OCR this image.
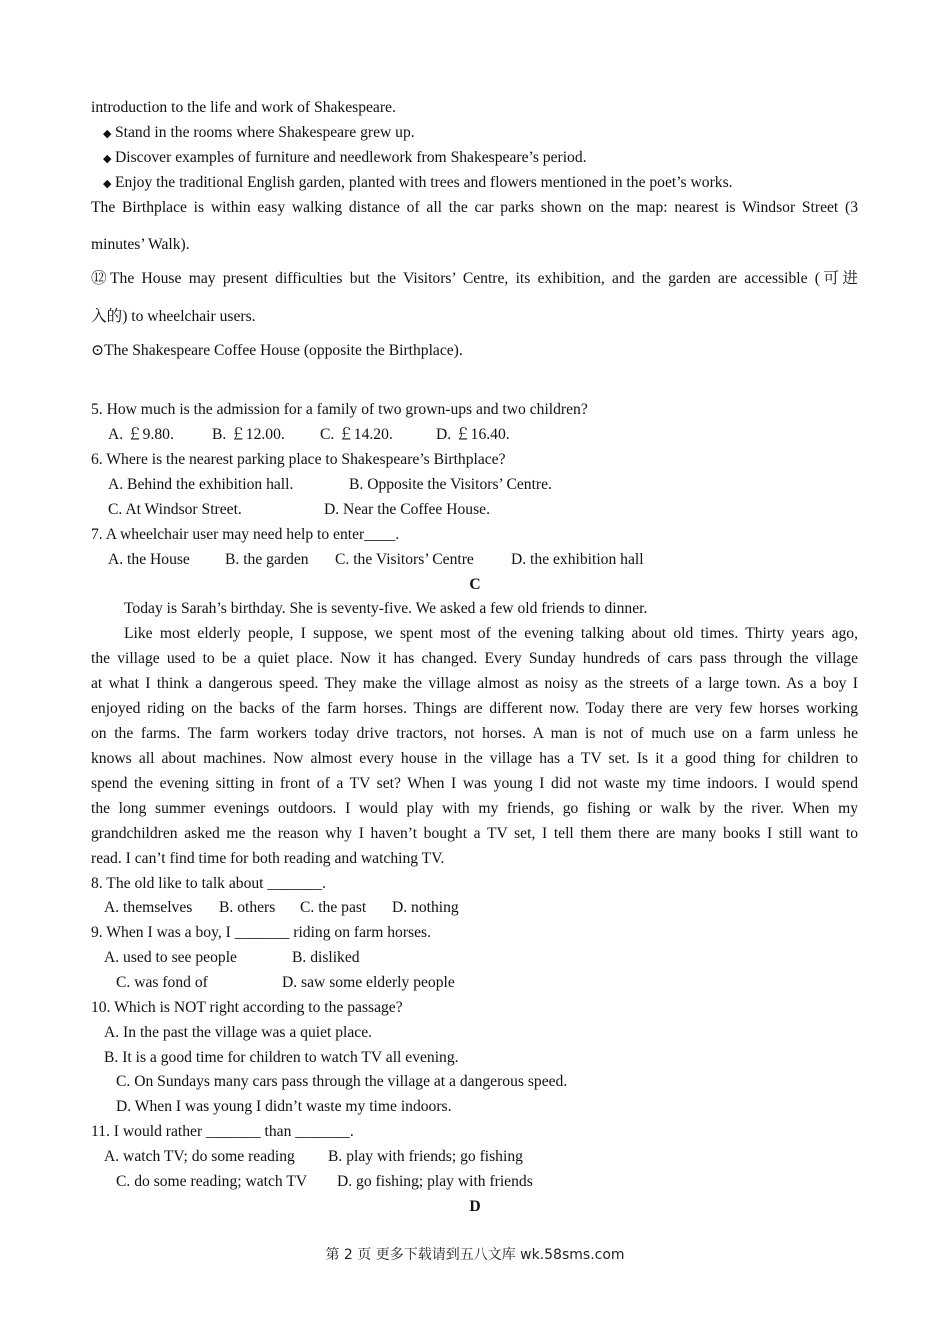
introduction to the life and work of Shakespeare.
◆ Stand in the rooms where Shakespeare grew up.
◆ Discover examples of furniture and needlework from Shakespeare’s period.
◆ Enjoy the traditional English garden, planted with trees and flowers mentioned in the poet’s works.
The Birthplace is within easy walking distance of all the car parks shown on the map: nearest is Windsor Street (3
minutes’ Walk).
⑫The House may present difficulties but the Visitors’ Centre, its exhibition, and the garden are accessible (可进
入的) to wheelchair users.
⊙The Shakespeare Coffee House (opposite the Birthplace).
5. How much is the admission for a family of two grown-ups and two children?
A. ￡9.80. B. ￡12.00. C. ￡14.20.	D. ￡16.40.
6. Where is the nearest parking place to Shakespeare’s Birthplace?
A. Behind the exhibition hall.	B. Opposite the Visitors’ Centre.
C. At Windsor Street.	D. Near the Coffee House.
7. A wheelchair user may need help to enter____.
A. the House B. the garden C. the Visitors’ Centre D. the exhibition hall
C
Today is Sarah’s birthday. She is seventy-five. We asked a few old friends to dinner.
Like most elderly people, I suppose, we spent most of the evening talking about old times. Thirty years ago,
the village used to be a quiet place. Now it has changed. Every Sunday hundreds of cars pass through the village
at what I think a dangerous speed. They make the village almost as noisy as the streets of a large town. As a boy I
enjoyed riding on the backs of the farm horses. Things are different now. Today there are very few horses working
on the farms. The farm workers today drive tractors, not horses. A man is not of much use on a farm unless he
knows all about machines. Now almost every house in the village has a TV set. Is it a good thing for children to
spend the evening sitting in front of a TV set? When I was young I did not waste my time indoors. I would spend
the long summer evenings outdoors. I would play with my friends, go fishing or walk by the river. When my
grandchildren asked me the reason why I haven’t bought a TV set, I tell them there are many books I still want to
read. I can’t find time for both reading and watching TV.
8. The old like to talk about _______.
A. themselves B. others C. the past D. nothing
9. When I was a boy, I _______ riding on farm horses.
A. used to see people	B. disliked
C. was fond of	D. saw some elderly people
10. Which is NOT right according to the passage?
A. In the past the village was a quiet place.
B. It is a good time for children to watch TV all evening.
C. On Sundays many cars pass through the village at a dangerous speed.
D. When I was young I didn’t waste my time indoors.
11. I would rather _______ than _______.
A. watch TV; do some reading B. play with friends; go fishing
C. do some reading; watch TV D. go fishing; play with friends
D
第 2 页 更多下载请到五八文库 wk.58sms.com
